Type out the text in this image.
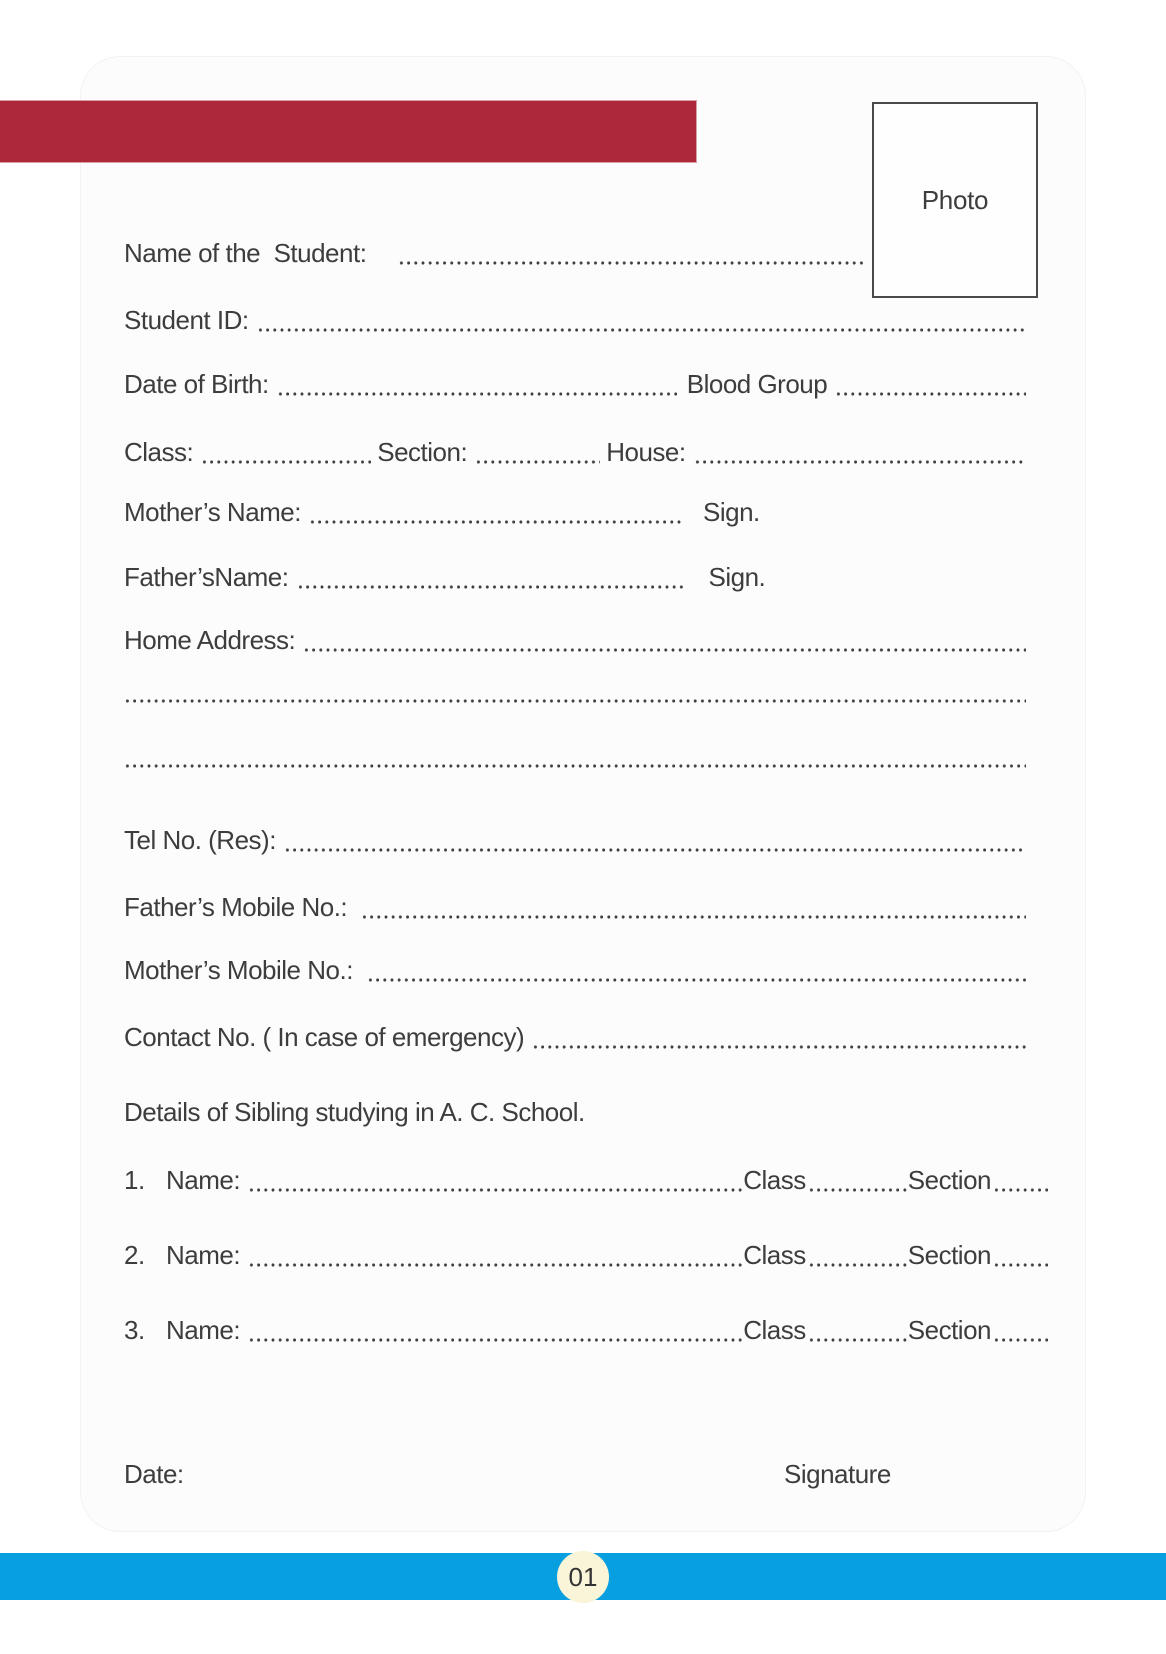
Photo
Name of the  Student:
Student ID:
Date of Birth:	Blood Group
Class:	Section:	House:
Mother’s Name:	Sign.
Father’sName:	Sign.
Home Address:
Tel No. (Res):
Father’s Mobile No.:
Mother’s Mobile No.:
Contact No. ( In case of emergency)
Details of Sibling studying in A. C. School.
1. Name:	Class	Section
2. Name:	Class	Section
3. Name:	Class	Section
Date:	Signature
01
